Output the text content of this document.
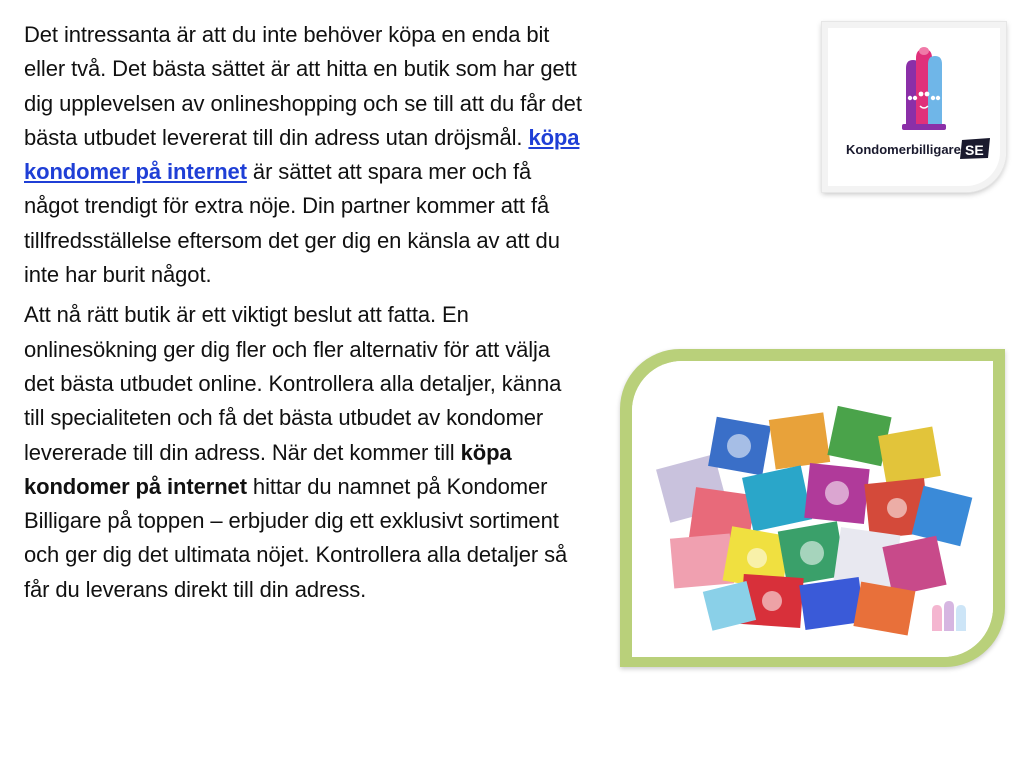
Det intressanta är att du inte behöver köpa en enda bit eller två. Det bästa sättet är att hitta en butik som har gett dig upplevelsen av onlineshopping och se till att du får det bästa utbudet levererat till din adress utan dröjsmål. köpa kondomer på internet är sättet att spara mer och få något trendigt för extra nöje. Din partner kommer att få tillfredsställelse eftersom det ger dig en känsla av att du inte har burit något.

Att nå rätt butik är ett viktigt beslut att fatta. En onlinesökning ger dig fler och fler alternativ för att välja det bästa utbudet online. Kontrollera alla detaljer, känna till specialiteten och få det bästa utbudet av kondomer levererade till din adress. När det kommer till köpa kondomer på internet hittar du namnet på Kondomer Billigare på toppen – erbjuder dig ett exklusivt sortiment och ger dig det ultimata nöjet. Kontrollera alla detaljer så får du leverans direkt till din adress.

Kondomerbilligare SE
